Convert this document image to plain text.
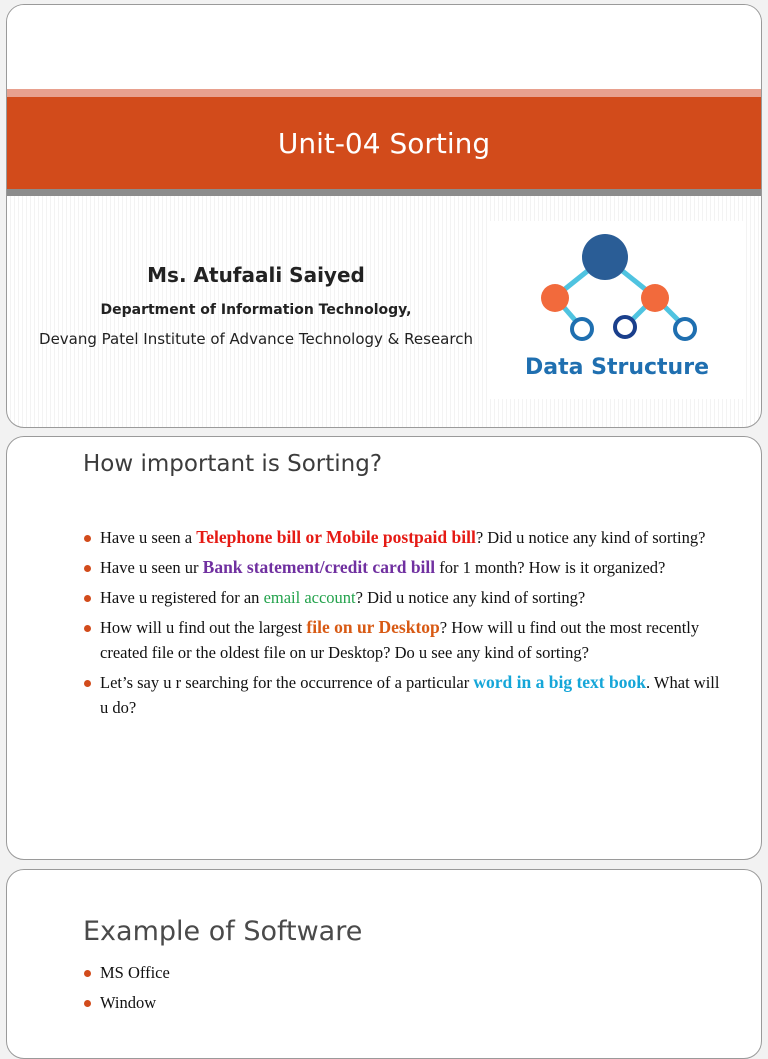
Unit-04 Sorting
Ms. Atufaali Saiyed
Department of Information Technology,
Devang Patel Institute of Advance Technology & Research
Data Structure
How important is Sorting?
Have u seen a Telephone bill or Mobile postpaid bill? Did u notice any kind of sorting?
Have u seen ur Bank statement/credit card bill for 1 month? How is it organized?
Have u registered for an email account? Did u notice any kind of sorting?
How will u find out the largest file on ur Desktop? How will u find out the most recently created file or the oldest file on ur Desktop? Do u see any kind of sorting?
Let’s say u r searching for the occurrence of a particular word in a big text book. What will u do?
Example of Software
MS Office
Window
